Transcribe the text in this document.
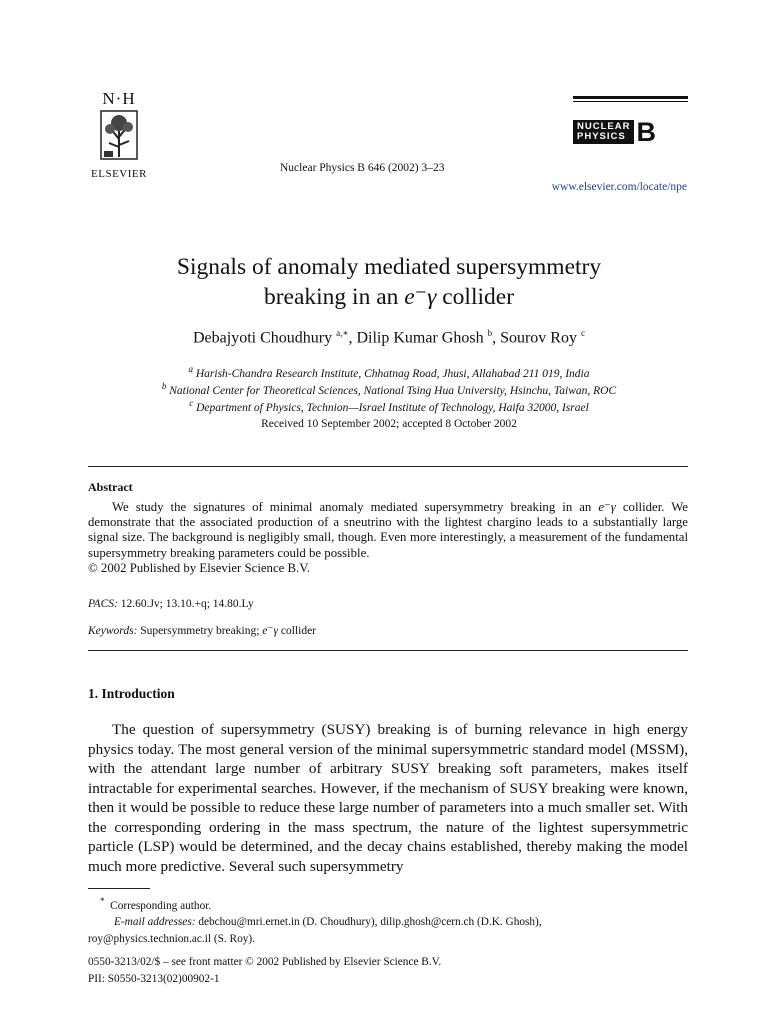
N·H
ELSEVIER	Nuclear Physics B 646 (2002) 3–23
www.elsevier.com/locate/npe
NUCLEAR
PHYSICS B
Signals of anomaly mediated supersymmetry
breaking in an e⁻γ collider
Debajyoti Choudhury $^{a,∗}$, Dilip Kumar Ghosh $^b$, Sourov Roy $^c$
$^a$ Harish-Chandra Research Institute, Chhatnag Road, Jhusi, Allahabad 211 019, India
$^b$ National Center for Theoretical Sciences, National Tsing Hua University, Hsinchu, Taiwan, ROC
$^c$ Department of Physics, Technion—Israel Institute of Technology, Haifa 32000, Israel
Received 10 September 2002; accepted 8 October 2002
Abstract
We study the signatures of minimal anomaly mediated supersymmetry breaking in an e⁻γ collider. We demonstrate that the associated production of a sneutrino with the lightest chargino leads to a substantially large signal size. The background is negligibly small, though. Even more interestingly, a measurement of the fundamental supersymmetry breaking parameters could be possible.
© 2002 Published by Elsevier Science B.V.
PACS: 12.60.Jv; 13.10.+q; 14.80.Ly
Keywords: Supersymmetry breaking; e⁻γ collider
1. Introduction
The question of supersymmetry (SUSY) breaking is of burning relevance in high energy physics today. The most general version of the minimal supersymmetric standard model (MSSM), with the attendant large number of arbitrary SUSY breaking soft parameters, makes itself intractable for experimental searches. However, if the mechanism of SUSY breaking were known, then it would be possible to reduce these large number of parameters into a much smaller set. With the corresponding ordering in the mass spectrum, the nature of the lightest supersymmetric particle (LSP) would be determined, and the decay chains established, thereby making the model much more predictive. Several such supersymmetry
* Corresponding author.
E-mail addresses: debchou@mri.ernet.in (D. Choudhury), dilip.ghosh@cern.ch (D.K. Ghosh),
roy@physics.technion.ac.il (S. Roy).
0550-3213/02/$ – see front matter © 2002 Published by Elsevier Science B.V.
PII: S0550-3213(02)00902-1
